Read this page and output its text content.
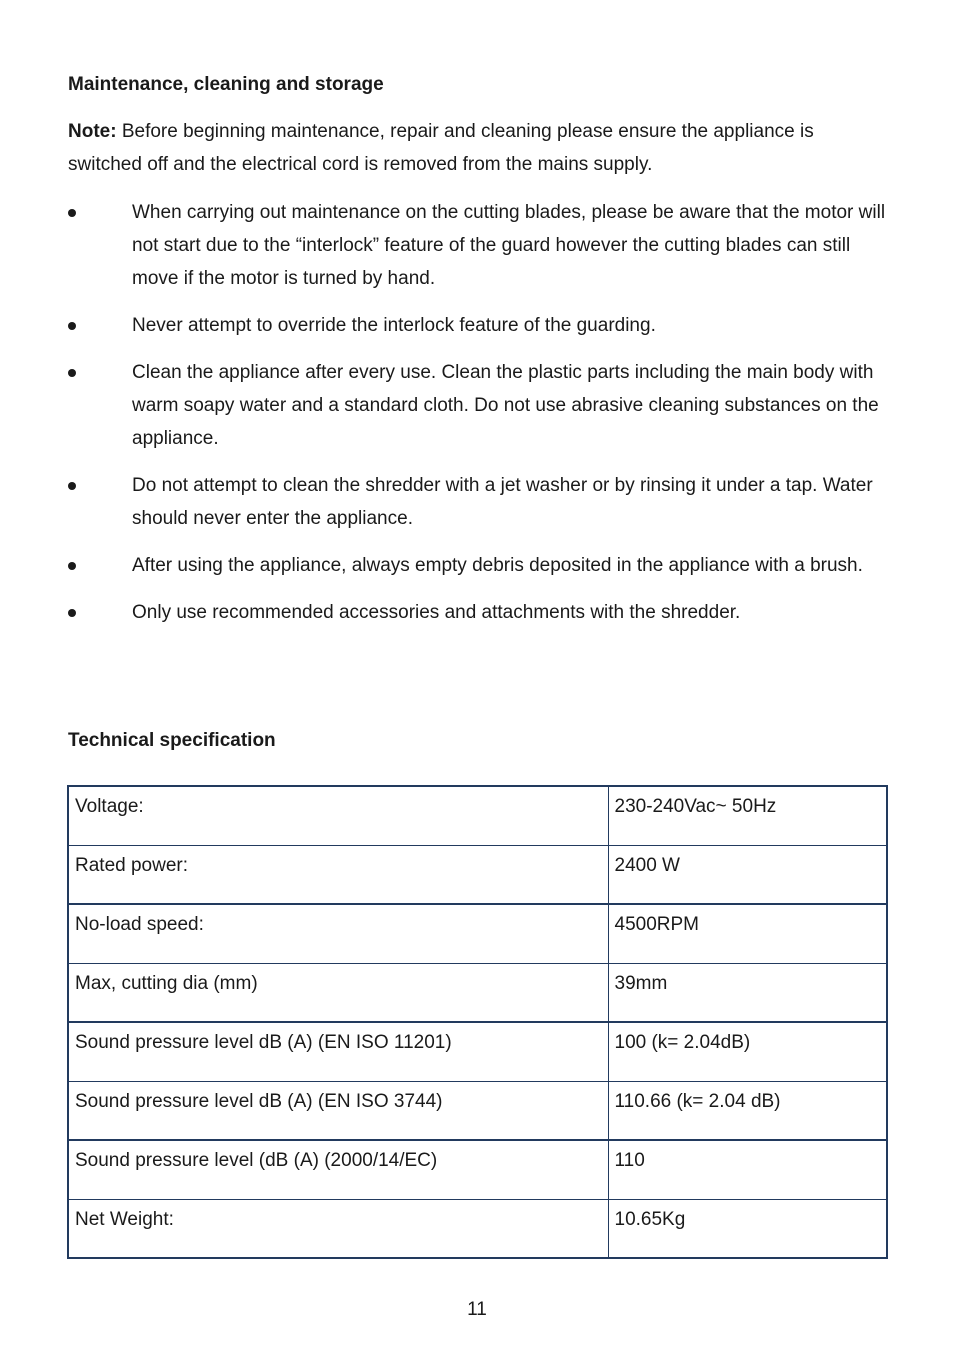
Maintenance, cleaning and storage
Note: Before beginning maintenance, repair and cleaning please ensure the appliance is switched off and the electrical cord is removed from the mains supply.
When carrying out maintenance on the cutting blades, please be aware that the motor will not start due to the “interlock” feature of the guard however the cutting blades can still move if the motor is turned by hand.
Never attempt to override the interlock feature of the guarding.
Clean the appliance after every use. Clean the plastic parts including the main body with warm soapy water and a standard cloth. Do not use abrasive cleaning substances on the appliance.
Do not attempt to clean the shredder with a jet washer or by rinsing it under a tap. Water should never enter the appliance.
After using the appliance, always empty debris deposited in the appliance with a brush.
Only use recommended accessories and attachments with the shredder.
Technical specification
Voltage:	230-240Vac~ 50Hz
Rated power:	2400 W
No-load speed:	4500RPM
Max, cutting dia (mm)	39mm
Sound pressure level dB (A) (EN ISO 11201)	100 (k= 2.04dB)
Sound pressure level dB (A) (EN ISO 3744)	110.66 (k= 2.04 dB)
Sound pressure level (dB (A) (2000/14/EC)	110
Net Weight:	10.65Kg
11
